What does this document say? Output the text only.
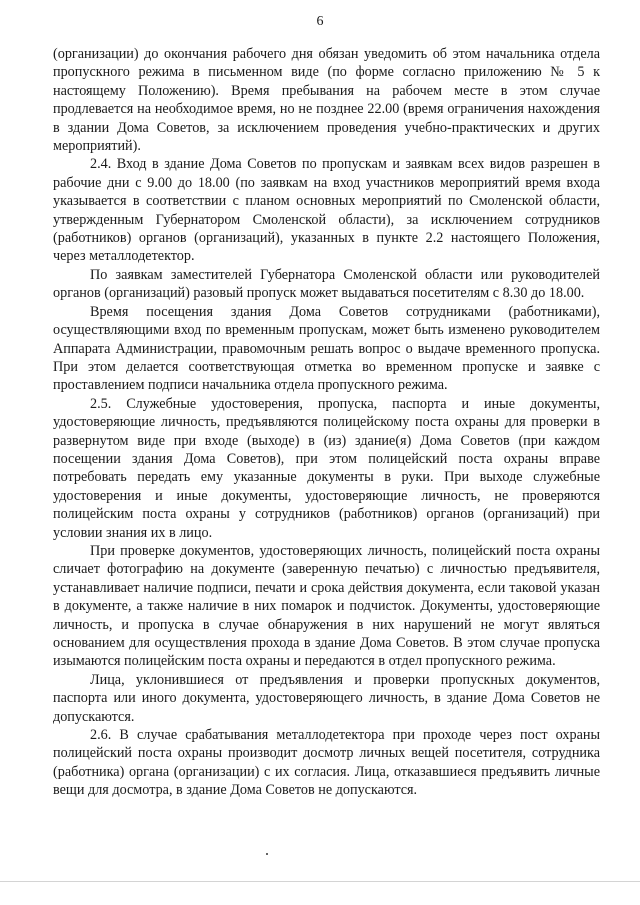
6

(организации) до окончания рабочего дня обязан уведомить об этом начальника отдела пропускного режима в письменном виде (по форме согласно приложению № 5 к настоящему Положению). Время пребывания на рабочем месте в этом случае продлевается на необходимое время, но не позднее 22.00 (время ограничения нахождения в здании Дома Советов, за исключением проведения учебно-практических и других мероприятий).

2.4. Вход в здание Дома Советов по пропускам и заявкам всех видов разрешен в рабочие дни с 9.00 до 18.00 (по заявкам на вход участников мероприятий время входа указывается в соответствии с планом основных мероприятий по Смоленской области, утвержденным Губернатором Смоленской области), за исключением сотрудников (работников) органов (организаций), указанных в пункте 2.2 настоящего Положения, через металлодетектор.

По заявкам заместителей Губернатора Смоленской области или руководителей органов (организаций) разовый пропуск может выдаваться посетителям с 8.30 до 18.00.

Время посещения здания Дома Советов сотрудниками (работниками), осуществляющими вход по временным пропускам, может быть изменено руководителем Аппарата Администрации, правомочным решать вопрос о выдаче временного пропуска. При этом делается соответствующая отметка во временном пропуске и заявке с проставлением подписи начальника отдела пропускного режима.

2.5. Служебные удостоверения, пропуска, паспорта и иные документы, удостоверяющие личность, предъявляются полицейскому поста охраны для проверки в развернутом виде при входе (выходе) в (из) здание(я) Дома Советов (при каждом посещении здания Дома Советов), при этом полицейский поста охраны вправе потребовать передать ему указанные документы в руки. При выходе служебные удостоверения и иные документы, удостоверяющие личность, не проверяются полицейским поста охраны у сотрудников (работников) органов (организаций) при условии знания их в лицо.

При проверке документов, удостоверяющих личность, полицейский поста охраны сличает фотографию на документе (заверенную печатью) с личностью предъявителя, устанавливает наличие подписи, печати и срока действия документа, если таковой указан в документе, а также наличие в них помарок и подчисток. Документы, удостоверяющие личность, и пропуска в случае обнаружения в них нарушений не могут являться основанием для осуществления прохода в здание Дома Советов. В этом случае пропуска изымаются полицейским поста охраны и передаются в отдел пропускного режима.

Лица, уклонившиеся от предъявления и проверки пропускных документов, паспорта или иного документа, удостоверяющего личность, в здание Дома Советов не допускаются.

2.6. В случае срабатывания металлодетектора при проходе через пост охраны полицейский поста охраны производит досмотр личных вещей посетителя, сотрудника (работника) органа (организации) с их согласия. Лица, отказавшиеся предъявить личные вещи для досмотра, в здание Дома Советов не допускаются.
